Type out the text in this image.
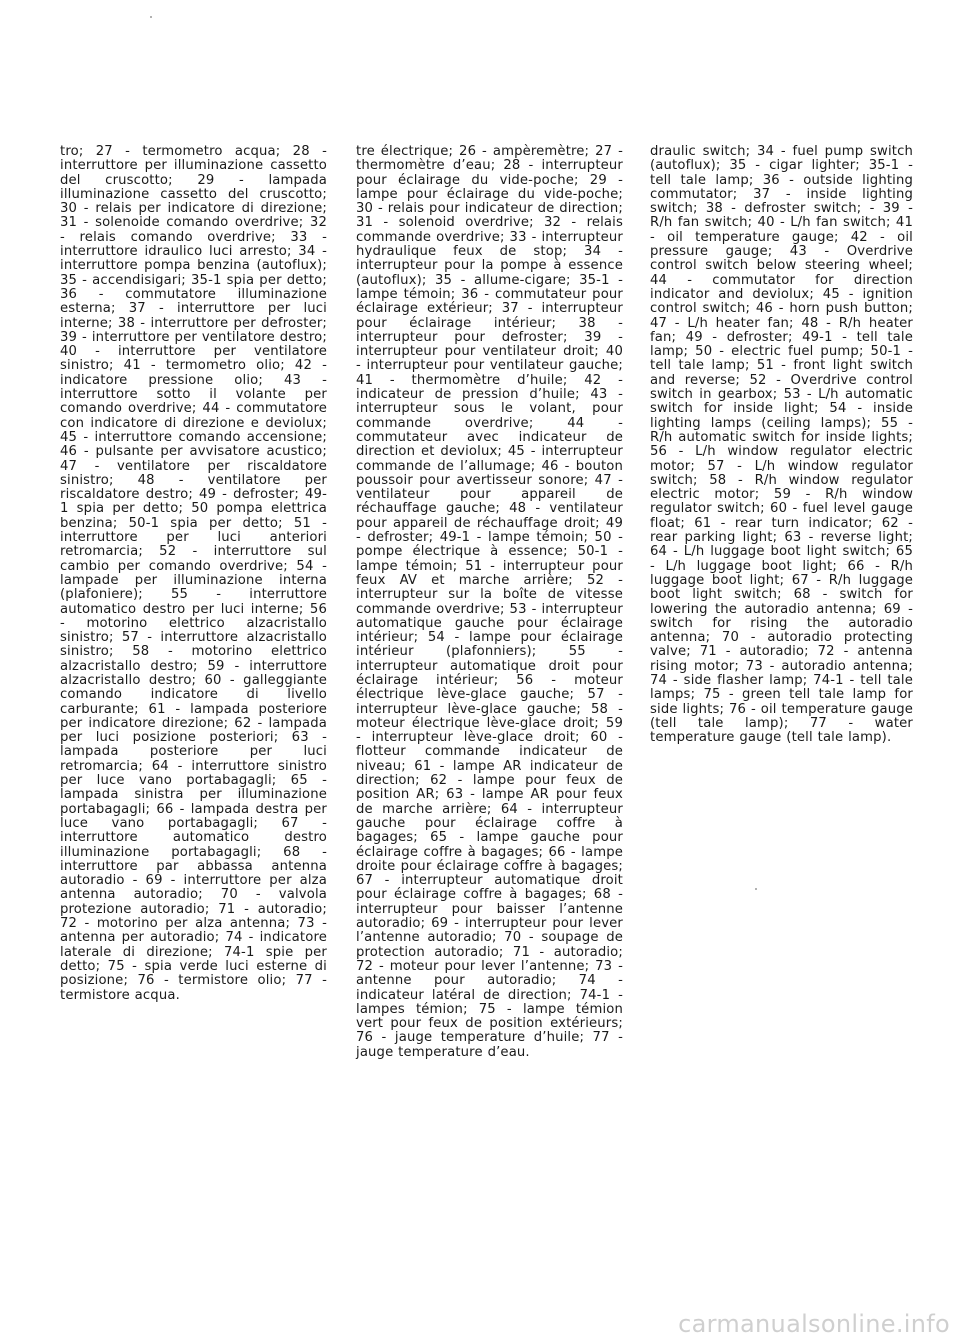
tro; 27 - termometro acqua; 28 - interruttore per illuminazione cassetto del cruscotto; 29 - lampada illuminazione cassetto del cruscotto; 30 - relais per indicatore di direzione; 31 - solenoide comando overdrive; 32 - relais comando overdrive; 33 - interruttore idraulico luci arresto; 34 - interruttore pompa benzina (autoflux); 35 - accendisigari; 35-1 spia per detto; 36 - commutatore illuminazione esterna; 37 - interruttore per luci interne; 38 - interruttore per defroster; 39 - interruttore per ventilatore destro; 40 - interruttore per ventilatore sinistro; 41 - termometro olio; 42 - indicatore pressione olio; 43 - interruttore sotto il volante per comando overdrive; 44 - commutatore con indicatore di direzione e deviolux; 45 - interruttore comando accensione; 46 - pulsante per avvisatore acustico; 47 - ventilatore per riscaldatore sinistro; 48 - ventilatore per riscaldatore destro; 49 - defroster; 49-1 spia per detto; 50 pompa elettrica benzina; 50-1 spia per detto; 51 - interruttore per luci anteriori retromarcia; 52 - interruttore sul cambio per comando overdrive; 54 - lampade per illuminazione interna (plafoniere); 55 - interruttore automatico destro per luci interne; 56 - motorino elettrico alzacristallo sinistro; 57 - interruttore alzacristallo sinistro; 58 - motorino elettrico alzacristallo destro; 59 - interruttore alzacristallo destro; 60 - galleggiante comando indicatore di livello carburante; 61 - lampada posteriore per indicatore direzione; 62 - lampada per luci posizione posteriori; 63 - lampada posteriore per luci retromarcia; 64 - interruttore sinistro per luce vano portabagagli; 65 - lampada sinistra per illuminazione portabagagli; 66 - lampada destra per luce vano portabagagli; 67 - interruttore automatico destro illuminazione portabagagli; 68 - interruttore par abbassa antenna autoradio - 69 - interruttore per alza antenna autoradio; 70 - valvola protezione autoradio; 71 - autoradio; 72 - motorino per alza antenna; 73 - antenna per autoradio; 74 - indicatore laterale di direzione; 74-1 spie per detto; 75 - spia verde luci esterne di posizione; 76 - termistore olio; 77 - termistore acqua.

tre électrique; 26 - ampèremètre; 27 - thermomètre d’eau; 28 - interrupteur pour éclairage du vide-poche; 29 - lampe pour éclairage du vide-poche; 30 - relais pour indicateur de direction; 31 - solenoid overdrive; 32 - relais commande overdrive; 33 - interrupteur hydraulique feux de stop; 34 - interrupteur pour la pompe à essence (autoflux); 35 - allume-cigare; 35-1 - lampe témoin; 36 - commutateur pour éclairage extérieur; 37 - interrupteur pour éclairage intérieur; 38 - interrupteur pour defroster; 39 - interrupteur pour ventilateur droit; 40 - interrupteur pour ventilateur gauche; 41 - thermomètre d’huile; 42 - indicateur de pression d’huile; 43 - interrupteur sous le volant, pour commande overdrive; 44 - commutateur avec indicateur de direction et deviolux; 45 - interrupteur commande de l’allumage; 46 - bouton poussoir pour avertisseur sonore; 47 - ventilateur pour appareil de réchauffage gauche; 48 - ventilateur pour appareil de réchauffage droit; 49 - defroster; 49-1 - lampe témoin; 50 - pompe électrique à essence; 50-1 - lampe témoin; 51 - interrupteur pour feux AV et marche arrière; 52 - interrupteur sur la boîte de vitesse commande overdrive; 53 - interrupteur automatique gauche pour éclairage intérieur; 54 - lampe pour éclairage intérieur (plafonniers); 55 - interrupteur automatique droit pour éclairage intérieur; 56 - moteur électrique lève-glace gauche; 57 - interrupteur lève-glace gauche; 58 - moteur électrique lève-glace droit; 59 - interrupteur lève-glace droit; 60 - flotteur commande indicateur de niveau; 61 - lampe AR indicateur de direction; 62 - lampe pour feux de position AR; 63 - lampe AR pour feux de marche arrière; 64 - interrupteur gauche pour éclairage coffre à bagages; 65 - lampe gauche pour éclairage coffre à bagages; 66 - lampe droite pour éclairage coffre à bagages; 67 - interrupteur automatique droit pour éclairage coffre à bagages; 68 - interrupteur pour baisser l’antenne autoradio; 69 - interrupteur pour lever l’antenne autoradio; 70 - soupage de protection autoradio; 71 - autoradio; 72 - moteur pour lever l’antenne; 73 - antenne pour autoradio; 74 - indicateur latéral de direction; 74-1 - lampes témion; 75 - lampe témion vert pour feux de position extérieurs; 76 - jauge temperature d’huile; 77 - jauge temperature d’eau.

draulic switch; 34 - fuel pump switch (autoflux); 35 - cigar lighter; 35-1 - tell tale lamp; 36 - outside lighting commutator; 37 - inside lighting switch; 38 - defroster switch; - 39 - R/h fan switch; 40 - L/h fan switch; 41 - oil temperature gauge; 42 - oil pressure gauge; 43 - Overdrive control switch below steering wheel; 44 - commutator for direction indicator and deviolux; 45 - ignition control switch; 46 - horn push button; 47 - L/h heater fan; 48 - R/h heater fan; 49 - defroster; 49-1 - tell tale lamp; 50 - electric fuel pump; 50-1 - tell tale lamp; 51 - front light switch and reverse; 52 - Overdrive control switch in gearbox; 53 - L/h automatic switch for inside light; 54 - inside lighting lamps (ceiling lamps); 55 - R/h automatic switch for inside lights; 56 - L/h window regulator electric motor; 57 - L/h window regulator switch; 58 - R/h window regulator electric motor; 59 - R/h window regulator switch; 60 - fuel level gauge float; 61 - rear turn indicator; 62 - rear parking light; 63 - reverse light; 64 - L/h luggage boot light switch; 65 - L/h luggage boot light; 66 - R/h luggage boot light; 67 - R/h luggage boot light switch; 68 - switch for lowering the autoradio antenna; 69 - switch for rising the autoradio antenna; 70 - autoradio protecting valve; 71 - autoradio; 72 - antenna rising motor; 73 - autoradio antenna; 74 - side flasher lamp; 74-1 - tell tale lamps; 75 - green tell tale lamp for side lights; 76 - oil temperature gauge (tell tale lamp); 77 - water temperature gauge (tell tale lamp).

carmanualsonline.info
